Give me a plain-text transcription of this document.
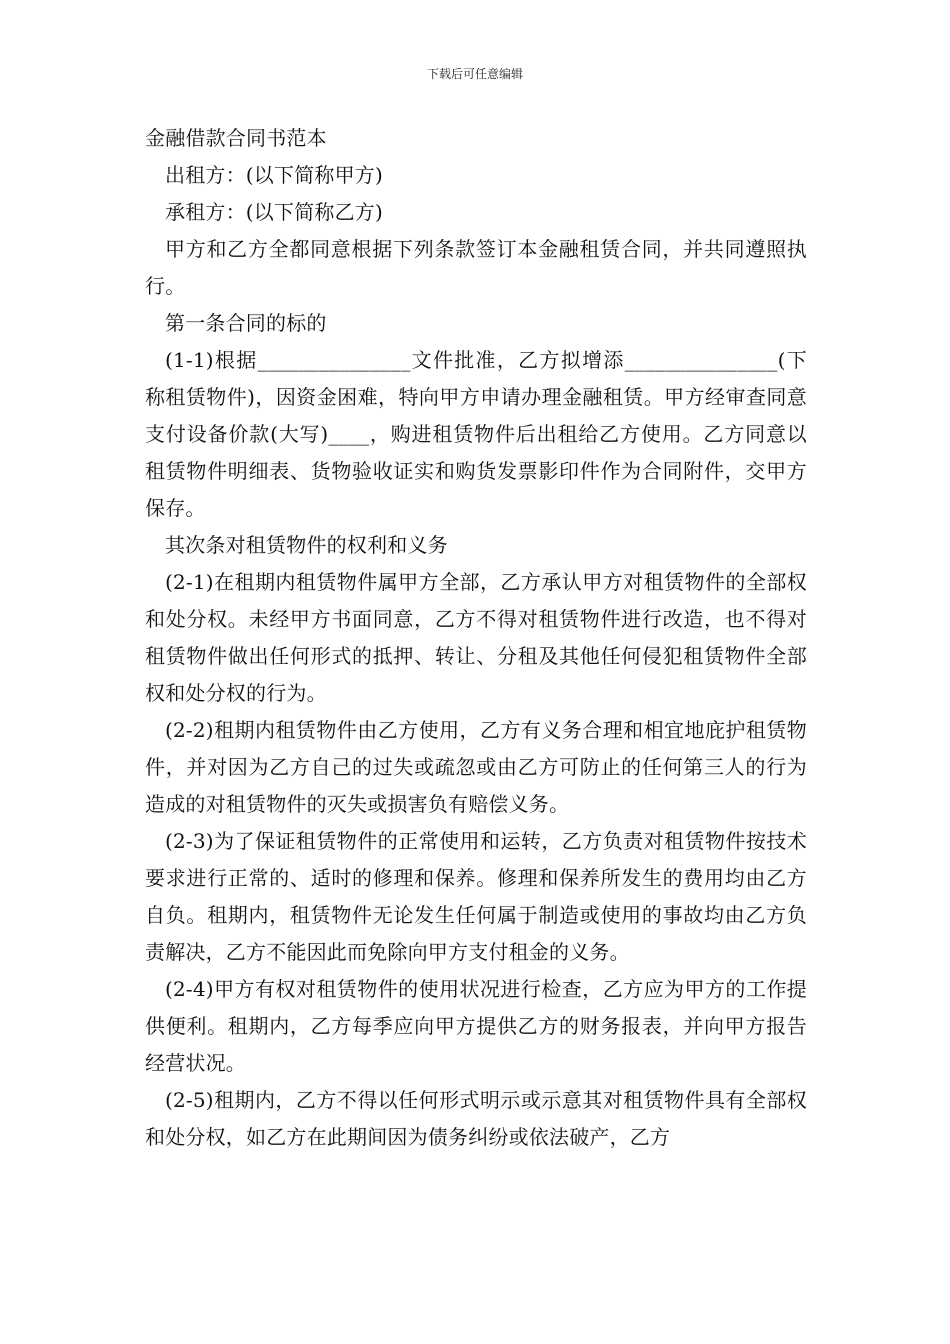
下载后可任意编辑

金融借款合同书范本

出租方：(以下简称甲方)

承租方：(以下简称乙方)

甲方和乙方全都同意根据下列条款签订本金融租赁合同，并共同遵照执行。

第一条合同的标的

(1-1)根据_______________文件批准，乙方拟增添_______________(下称租赁物件)，因资金困难，特向甲方申请办理金融租赁。甲方经审查同意支付设备价款(大写)____，购进租赁物件后出租给乙方使用。乙方同意以租赁物件明细表、货物验收证实和购货发票影印件作为合同附件，交甲方保存。

其次条对租赁物件的权利和义务

(2-1)在租期内租赁物件属甲方全部，乙方承认甲方对租赁物件的全部权和处分权。未经甲方书面同意，乙方不得对租赁物件进行改造，也不得对租赁物件做出任何形式的抵押、转让、分租及其他任何侵犯租赁物件全部权和处分权的行为。

(2-2)租期内租赁物件由乙方使用，乙方有义务合理和相宜地庇护租赁物件，并对因为乙方自己的过失或疏忽或由乙方可防止的任何第三人的行为造成的对租赁物件的灭失或损害负有赔偿义务。

(2-3)为了保证租赁物件的正常使用和运转，乙方负责对租赁物件按技术要求进行正常的、适时的修理和保养。修理和保养所发生的费用均由乙方自负。租期内，租赁物件无论发生任何属于制造或使用的事故均由乙方负责解决，乙方不能因此而免除向甲方支付租金的义务。

(2-4)甲方有权对租赁物件的使用状况进行检查，乙方应为甲方的工作提供便利。租期内，乙方每季应向甲方提供乙方的财务报表，并向甲方报告经营状况。

(2-5)租期内，乙方不得以任何形式明示或示意其对租赁物件具有全部权和处分权，如乙方在此期间因为债务纠纷或依法破产，乙方
